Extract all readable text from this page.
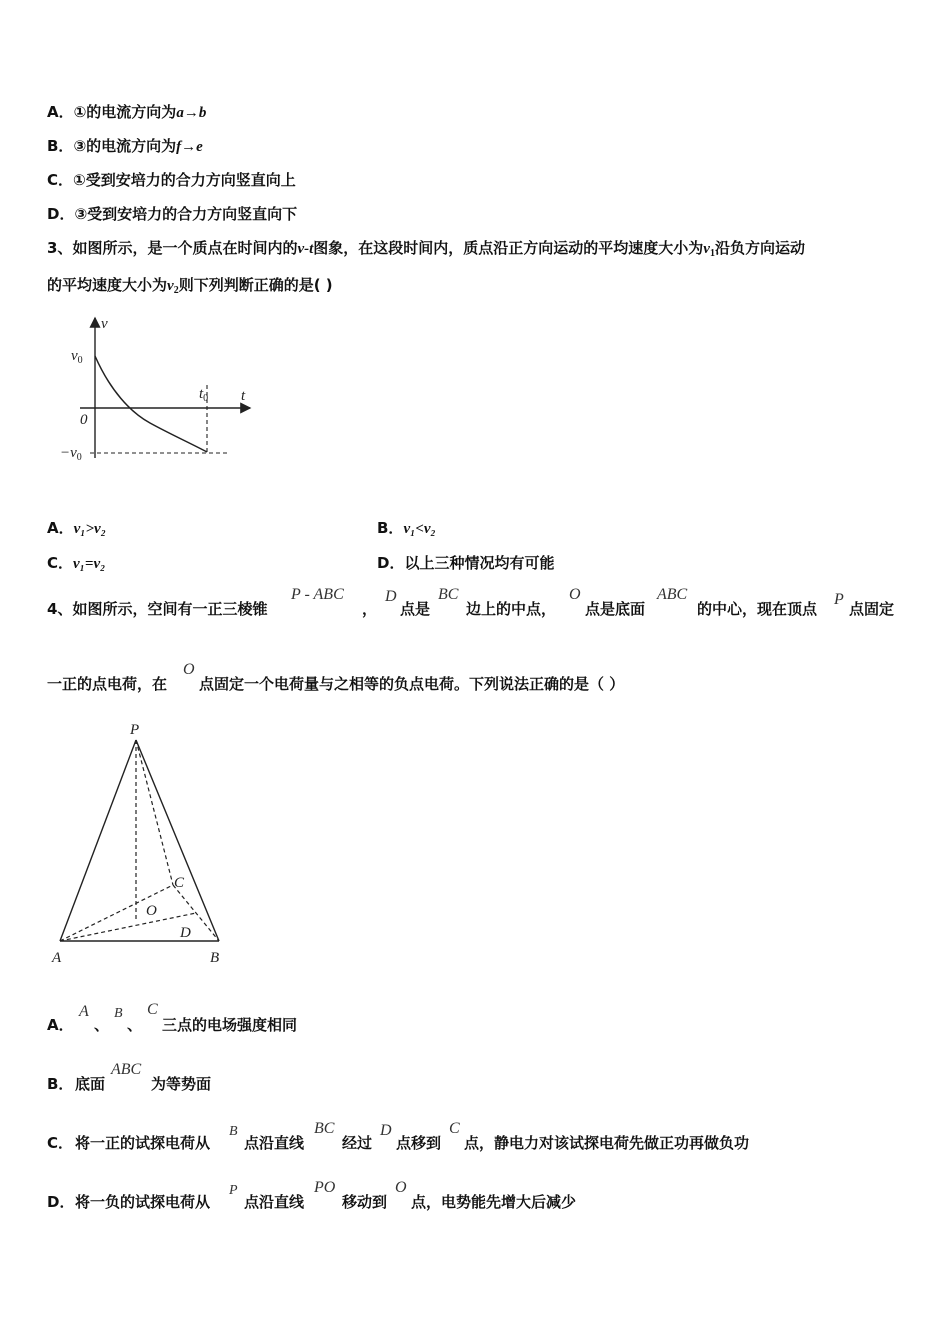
A．①的电流方向为a→b
B．③的电流方向为f→e
C．①受到安培力的合力方向竖直向上
D．③受到安培力的合力方向竖直向下
3、如图所示，是一个质点在时间内的v-t图象，在这段时间内，质点沿正方向运动的平均速度大小为$v_1$沿负方向运动
的平均速度大小为$v_2$则下列判断正确的是( )
v
t
$v_0$
$-v_0$
0
$t_0$
A．v₁>v₂	B．v₁<v₂
C．v₁=v₂	D．以上三种情况均有可能
4、如图所示，空间有一正三棱锥
P - ABC
，
D
点是
BC
边上的中点，
O
点是底面
ABC
的中心，现在顶点
P
点固定
一正的点电荷，在
O
点固定一个电荷量与之相等的负点电荷。下列说法正确的是（ ）
P
A	B
C
O
D
A．
A
、
B
、
C
三点的电场强度相同
B． 底面
ABC
为等势面
C． 将一正的试探电荷从
B
点沿直线
BC
经过
D
点移到
C
点，静电力对该试探电荷先做正功再做负功
D． 将一负的试探电荷从
P
点沿直线
PO
移动到
O
点，电势能先增大后减少
